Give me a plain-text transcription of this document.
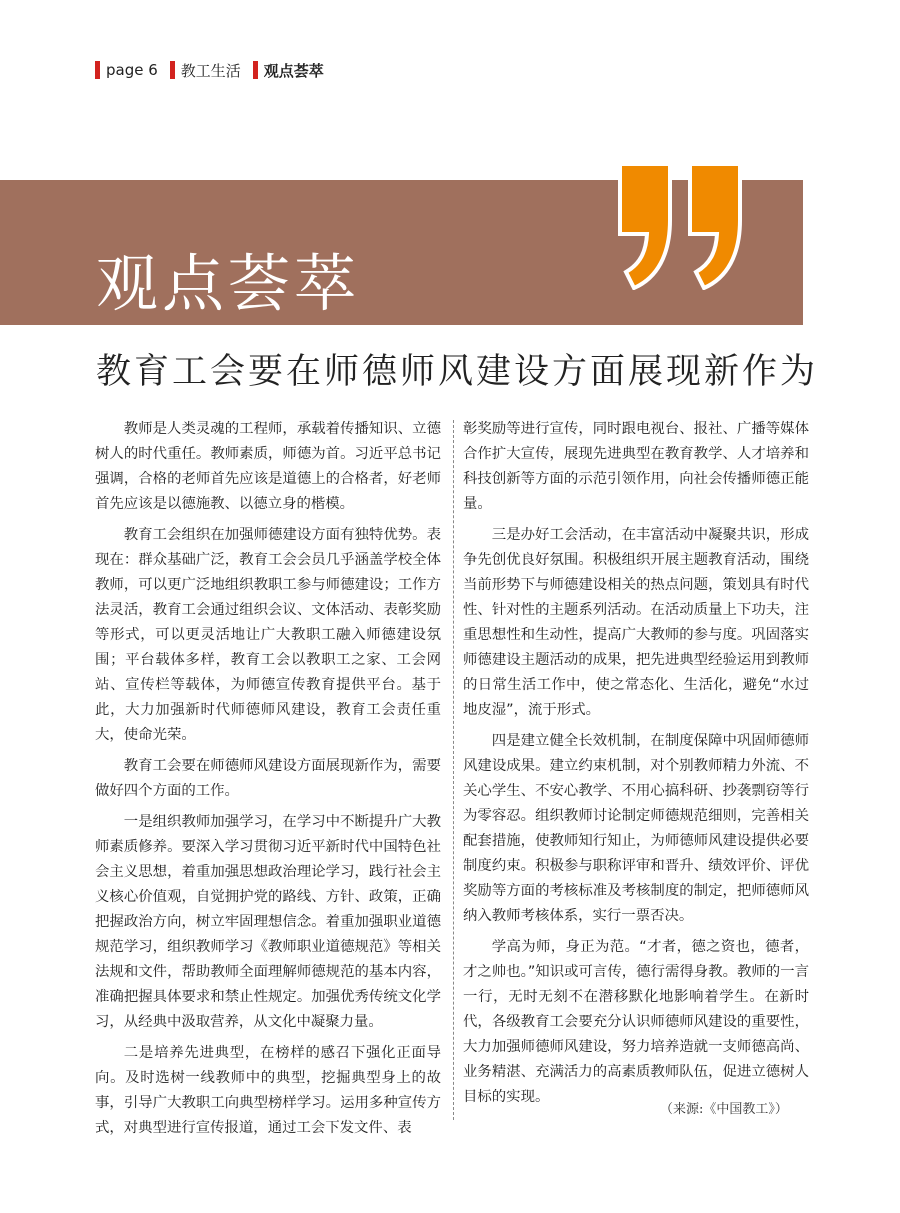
page 6 教工生活 观点荟萃
观点荟萃
教育工会要在师德师风建设方面展现新作为

教师是人类灵魂的工程师，承载着传播知识、立德树人的时代重任。教师素质，师德为首。习近平总书记强调，合格的老师首先应该是道德上的合格者，好老师首先应该是以德施教、以德立身的楷模。

教育工会组织在加强师德建设方面有独特优势。表现在：群众基础广泛，教育工会会员几乎涵盖学校全体教师，可以更广泛地组织教职工参与师德建设；工作方法灵活，教育工会通过组织会议、文体活动、表彰奖励等形式，可以更灵活地让广大教职工融入师德建设氛围；平台载体多样，教育工会以教职工之家、工会网站、宣传栏等载体，为师德宣传教育提供平台。基于此，大力加强新时代师德师风建设，教育工会责任重大，使命光荣。

教育工会要在师德师风建设方面展现新作为，需要做好四个方面的工作。

一是组织教师加强学习，在学习中不断提升广大教师素质修养。要深入学习贯彻习近平新时代中国特色社会主义思想，着重加强思想政治理论学习，践行社会主义核心价值观，自觉拥护党的路线、方针、政策，正确把握政治方向，树立牢固理想信念。着重加强职业道德规范学习，组织教师学习《教师职业道德规范》等相关法规和文件，帮助教师全面理解师德规范的基本内容，准确把握具体要求和禁止性规定。加强优秀传统文化学习，从经典中汲取营养，从文化中凝聚力量。

二是培养先进典型，在榜样的感召下强化正面导向。及时选树一线教师中的典型，挖掘典型身上的故事，引导广大教职工向典型榜样学习。运用多种宣传方式，对典型进行宣传报道，通过工会下发文件、表

彰奖励等进行宣传，同时跟电视台、报社、广播等媒体合作扩大宣传，展现先进典型在教育教学、人才培养和科技创新等方面的示范引领作用，向社会传播师德正能量。

三是办好工会活动，在丰富活动中凝聚共识，形成争先创优良好氛围。积极组织开展主题教育活动，围绕当前形势下与师德建设相关的热点问题，策划具有时代性、针对性的主题系列活动。在活动质量上下功夫，注重思想性和生动性，提高广大教师的参与度。巩固落实师德建设主题活动的成果，把先进典型经验运用到教师的日常生活工作中，使之常态化、生活化，避免“水过地皮湿”，流于形式。

四是建立健全长效机制，在制度保障中巩固师德师风建设成果。建立约束机制，对个别教师精力外流、不关心学生、不安心教学、不用心搞科研、抄袭剽窃等行为零容忍。组织教师讨论制定师德规范细则，完善相关配套措施，使教师知行知止，为师德师风建设提供必要制度约束。积极参与职称评审和晋升、绩效评价、评优奖励等方面的考核标准及考核制度的制定，把师德师风纳入教师考核体系，实行一票否决。

学高为师，身正为范。“才者，德之资也，德者，才之帅也。”知识或可言传，德行需得身教。教师的一言一行，无时无刻不在潜移默化地影响着学生。在新时代，各级教育工会要充分认识师德师风建设的重要性，大力加强师德师风建设，努力培养造就一支师德高尚、业务精湛、充满活力的高素质教师队伍，促进立德树人目标的实现。

（来源:《中国教工》）
